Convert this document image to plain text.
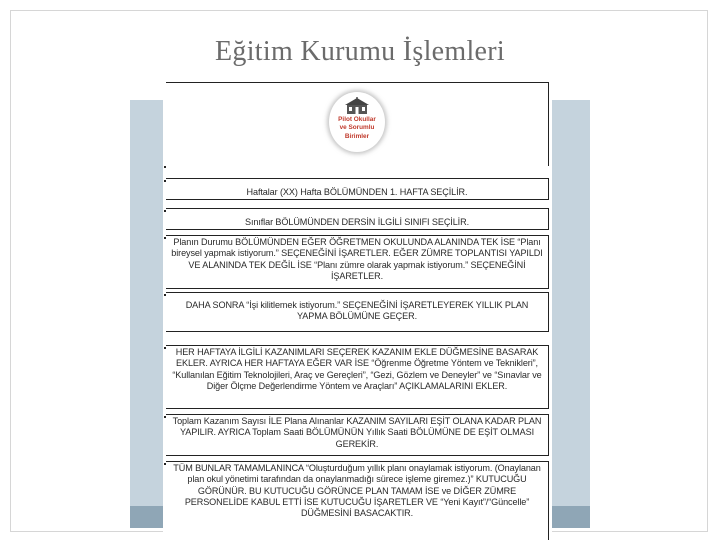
Eğitim Kurumu İşlemleri
Pilot Okullar
ve Sorumlu
Birimler
Haftalar (XX) Hafta BÖLÜMÜNDEN 1. HAFTA SEÇİLİR.
Sınıflar BÖLÜMÜNDEN DERSİN İLGİLİ SINIFI SEÇİLİR.
Planın Durumu BÖLÜMÜNDEN EĞER ÖĞRETMEN OKULUNDA ALANINDA TEK İSE “Planı bireysel yapmak istiyorum.” SEÇENEĞİNİ İŞARETLER. EĞER ZÜMRE TOPLANTISI YAPILDI VE ALANINDA TEK DEĞİL İSE “Planı zümre olarak yapmak istiyorum.” SEÇENEĞİNİ İŞARETLER.
DAHA SONRA “İşi kilitlemek istiyorum.” SEÇENEĞİNİ İŞARETLEYEREK YILLIK PLAN YAPMA BÖLÜMÜNE GEÇER.
HER HAFTAYA İLGİLİ KAZANIMLARI SEÇEREK KAZANIM EKLE DÜĞMESİNE BASARAK EKLER. AYRICA HER HAFTAYA EĞER VAR İSE “Öğrenme Öğretme Yöntem ve Teknikleri”, “Kullanılan Eğitim Teknolojileri, Araç ve Gereçleri”, “Gezi, Gözlem ve Deneyler” ve “Sınavlar ve Diğer Ölçme Değerlendirme Yöntem ve Araçları” AÇIKLAMALARINI EKLER.
Toplam Kazanım Sayısı İLE Plana Alınanlar KAZANIM SAYILARI EŞİT OLANA KADAR PLAN YAPILIR. AYRICA Toplam Saati BÖLÜMÜNÜN Yıllık Saati BÖLÜMÜNE DE EŞİT OLMASI GEREKİR.
TÜM BUNLAR TAMAMLANINCA “Oluşturduğum yıllık planı onaylamak istiyorum. (Onaylanan plan okul yönetimi tarafından da onaylanmadığı sürece işleme giremez.)” KUTUCUĞU GÖRÜNÜR. BU KUTUCUĞU GÖRÜNCE PLAN TAMAM İSE ve DİĞER ZÜMRE PERSONELİDE KABUL ETTİ İSE KUTUCUĞU İŞARETLER VE “Yeni Kayıt”/“Güncelle” DÜĞMESİNİ BASACAKTIR.
